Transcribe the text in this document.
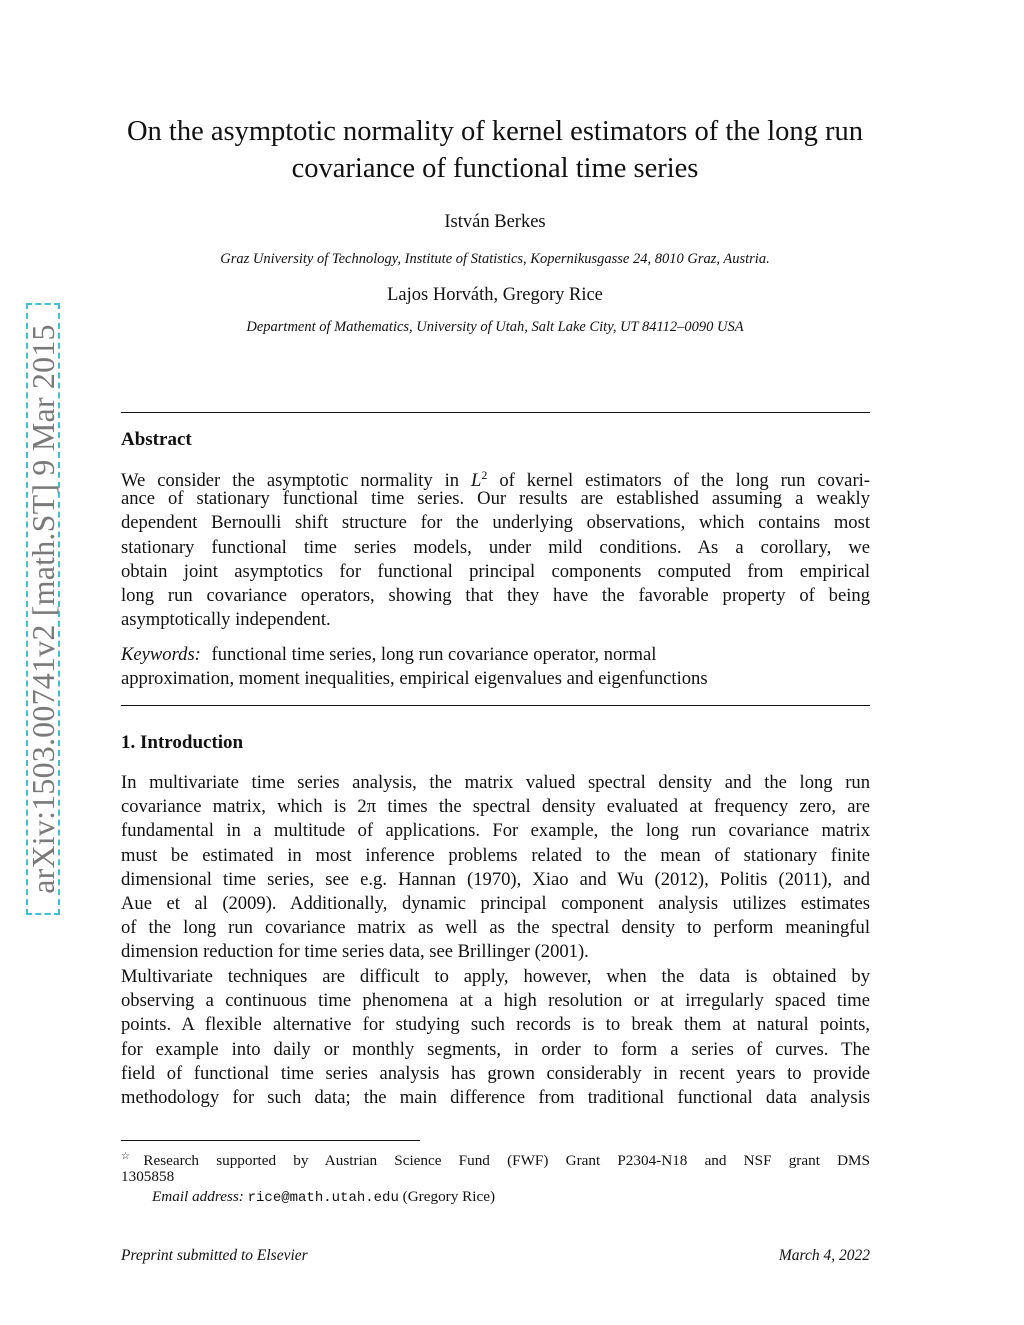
arXiv:1503.00741v2 [math.ST] 9 Mar 2015
On the asymptotic normality of kernel estimators of the long run
covariance of functional time series
István Berkes
Graz University of Technology, Institute of Statistics, Kopernikusgasse 24, 8010 Graz, Austria.
Lajos Horváth, Gregory Rice
Department of Mathematics, University of Utah, Salt Lake City, UT 84112–0090 USA
Abstract
We consider the asymptotic normality in $L^2$ of kernel estimators of the long run covari-
ance of stationary functional time series. Our results are established assuming a weakly
dependent Bernoulli shift structure for the underlying observations, which contains most
stationary functional time series models, under mild conditions. As a corollary, we
obtain joint asymptotics for functional principal components computed from empirical
long run covariance operators, showing that they have the favorable property of being
asymptotically independent.
Keywords: functional time series, long run covariance operator, normal
approximation, moment inequalities, empirical eigenvalues and eigenfunctions
1. Introduction
In multivariate time series analysis, the matrix valued spectral density and the long run
covariance matrix, which is 2π times the spectral density evaluated at frequency zero, are
fundamental in a multitude of applications. For example, the long run covariance matrix
must be estimated in most inference problems related to the mean of stationary finite
dimensional time series, see e.g. Hannan (1970), Xiao and Wu (2012), Politis (2011), and
Aue et al (2009). Additionally, dynamic principal component analysis utilizes estimates
of the long run covariance matrix as well as the spectral density to perform meaningful
dimension reduction for time series data, see Brillinger (2001).
Multivariate techniques are difficult to apply, however, when the data is obtained by
observing a continuous time phenomena at a high resolution or at irregularly spaced time
points. A flexible alternative for studying such records is to break them at natural points,
for example into daily or monthly segments, in order to form a series of curves. The
field of functional time series analysis has grown considerably in recent years to provide
methodology for such data; the main difference from traditional functional data analysis
☆Research supported by Austrian Science Fund (FWF) Grant P2304-N18 and NSF grant DMS
1305858
Email address: rice@math.utah.edu (Gregory Rice)
Preprint submitted to Elsevier	March 4, 2022
